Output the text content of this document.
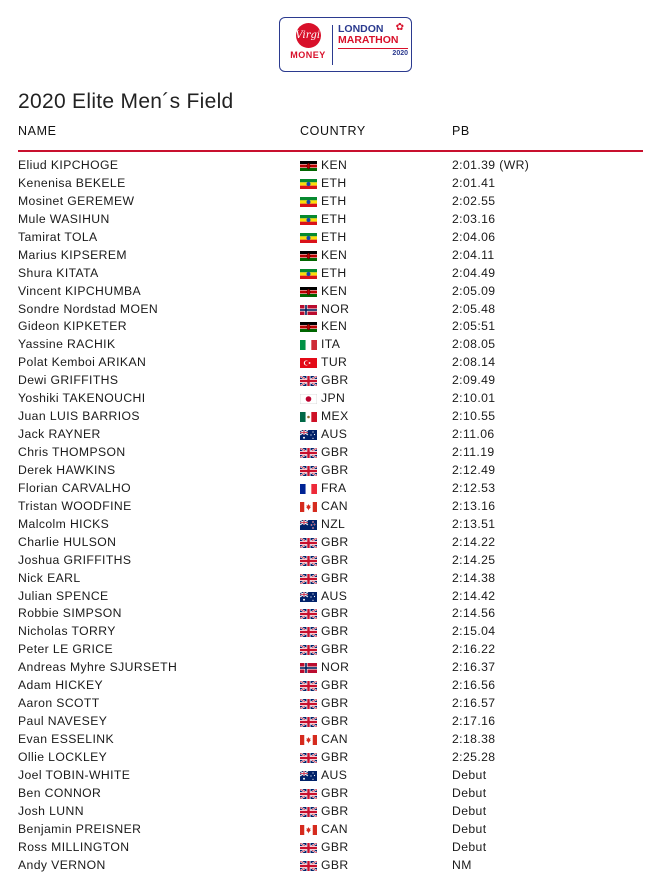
Virgin
MONEY
LONDON
MARATHON
2020
✿
2020 Elite Men´s Field
NAME	COUNTRY	PB
Eliud KIPCHOGE	KEN	2:01.39 (WR)
Kenenisa BEKELE	ETH	2:01.41
Mosinet GEREMEW	ETH	2:02.55
Mule WASIHUN	ETH	2:03.16
Tamirat TOLA	ETH	2:04.06
Marius KIPSEREM	KEN	2:04.11
Shura KITATA	ETH	2:04.49
Vincent KIPCHUMBA	KEN	2:05.09
Sondre Nordstad MOEN	NOR	2:05.48
Gideon KIPKETER	KEN	2:05:51
Yassine RACHIK	ITA	2:08.05
Polat Kemboi ARIKAN	TUR	2:08.14
Dewi GRIFFITHS	GBR	2:09.49
Yoshiki TAKENOUCHI	JPN	2:10.01
Juan LUIS BARRIOS	MEX	2:10.55
Jack RAYNER	AUS	2:11.06
Chris THOMPSON	GBR	2:11.19
Derek HAWKINS	GBR	2:12.49
Florian CARVALHO	FRA	2:12.53
Tristan WOODFINE	CAN	2:13.16
Malcolm HICKS	NZL	2:13.51
Charlie HULSON	GBR	2:14.22
Joshua GRIFFITHS	GBR	2:14.25
Nick EARL	GBR	2:14.38
Julian SPENCE	AUS	2:14.42
Robbie SIMPSON	GBR	2:14.56
Nicholas TORRY	GBR	2:15.04
Peter LE GRICE	GBR	2:16.22
Andreas Myhre SJURSETH	NOR	2:16.37
Adam HICKEY	GBR	2:16.56
Aaron SCOTT	GBR	2:16.57
Paul NAVESEY	GBR	2:17.16
Evan ESSELINK	CAN	2:18.38
Ollie LOCKLEY	GBR	2:25.28
Joel TOBIN-WHITE	AUS	Debut
Ben CONNOR	GBR	Debut
Josh LUNN	GBR	Debut
Benjamin PREISNER	CAN	Debut
Ross MILLINGTON	GBR	Debut
Andy VERNON	GBR	NM
